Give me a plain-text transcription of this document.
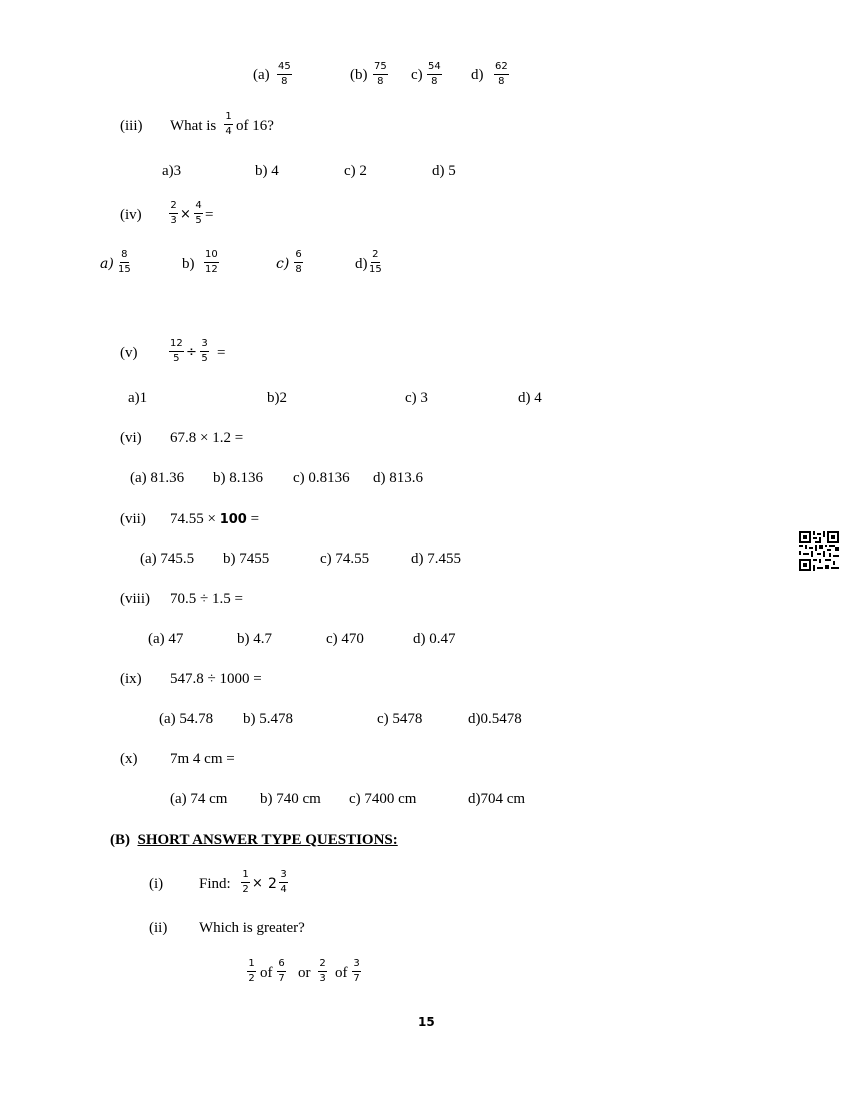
(a)
45
8	(b)
75
8 c)
54
8 d)
62
8
(iii) What is
1
4 of 16?
a)3	b) 4	c) 2	d) 5
(iv)
2
3 ×
4
5 =
a)
8
15	b)
10
12	c)
6
8	d)
2
15
(v)
12
5 ÷
3
5 =
a)1	b)2	c) 3	d) 4
(vi) 67.8 × 1.2 =
(a) 81.36 b) 8.136 c) 0.8136 d) 813.6
(vii) 74.55 × 100 =
(a) 745.5 b) 7455	c) 74.55	d) 7.455
(viii) 70.5 ÷ 1.5 =
(a) 47	b) 4.7	c) 470	d) 0.47
(ix) 547.8 ÷ 1000 =
(a) 54.78 b) 5.478	c) 5478	d)0.5478
(x) 7m 4 cm =
(a) 74 cm b) 740 cm c) 7400 cm	d)704 cm
(B) SHORT ANSWER TYPE QUESTIONS:
(i) Find:
1
2 × 2
3
4
(ii) Which is greater?
1
2 of
6
7 or
2
3 of
3
7
15
